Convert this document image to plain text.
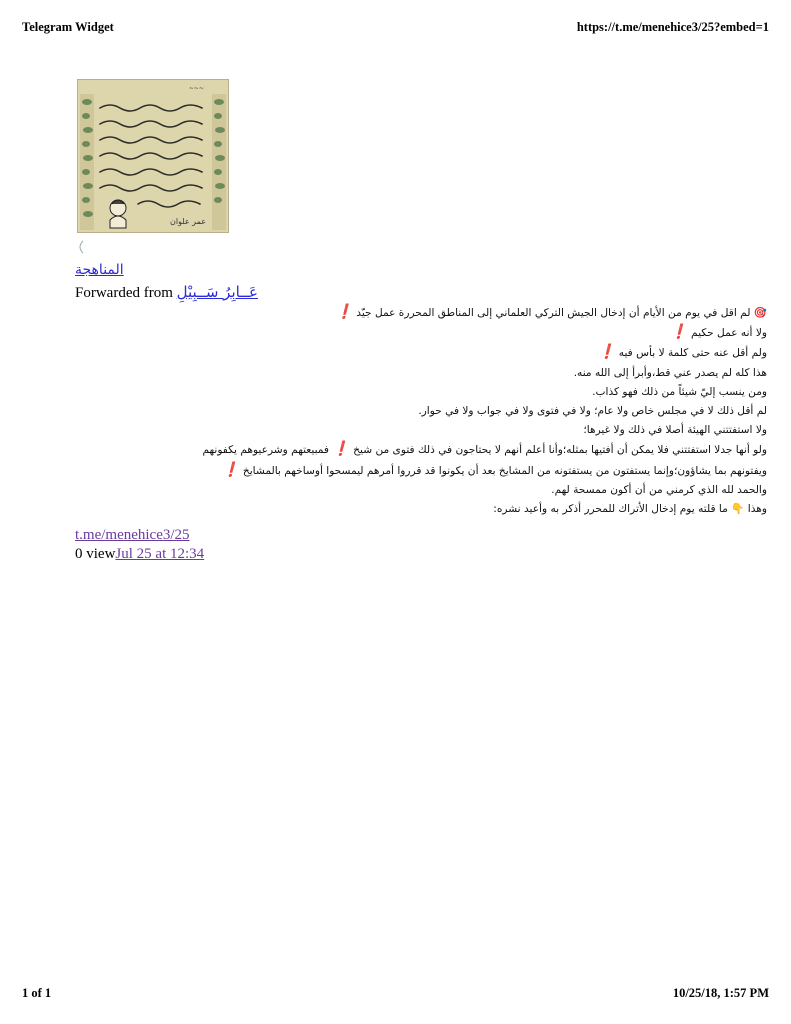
Telegram Widget	https://t.me/menehice3/25?embed=1
~~~
عمر علوان
المناهجة
Forwarded from عَــابِرُ سَــبِيْلِ
🎯 لم اقل في يوم من الأيام أن إدخال الجيش التركي العلماني إلى المناطق المحررة عمل جيّد ❗
ولا أنه عمل حكيم ❗
ولم أقل عنه حتى كلمة لا بأس فيه ❗
هذا كله لم يصدر عني قط،وأبرأ إلى الله منه.
ومن ينسب إليّ شيئاً من ذلك فهو كذاب.
لم أقل ذلك لا في مجلس خاص ولا عام؛ ولا في فتوى ولا في جواب ولا في حوار.
ولا استفتتني الهيئة أصلا في ذلك ولا غيرها؛
ولو أنها جدلا استفتتني فلا يمكن أن أفتيها بمثله؛وأنا أعلم أنهم لا يحتاجون في ذلك فتوى من شيخ ❗ فمبيعتهم وشرعيوهم يكفونهم
ويفتونهم بما يشاؤون؛وإنما يستفتون من يستفتونه من المشايخ بعد أن يكونوا قد قرروا أمرهم ليمسحوا أوساخهم بالمشايخ ❗
والحمد لله الذي كرمني من أن أكون ممسحة لهم.
وهذا 👇 ما قلته يوم إدخال الأتراك للمحرر أذكر به وأعيد نشره:
t.me/menehice3/25
0 viewJul 25 at 12:34
1 of 1	10/25/18, 1:57 PM
